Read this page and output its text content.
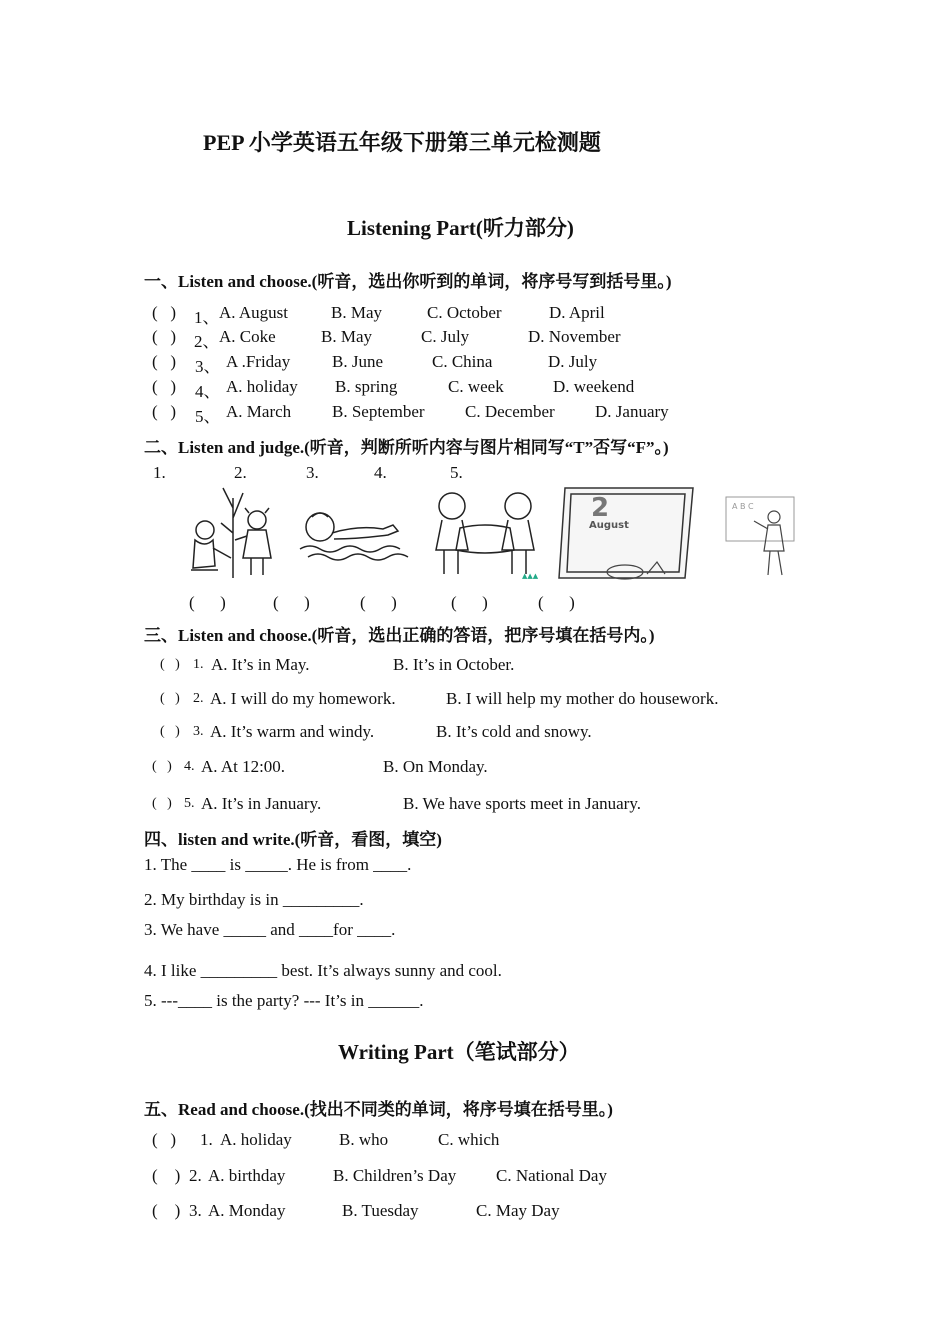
PEP 小学英语五年级下册第三单元检测题
Listening Part(听力部分)
一、Listen and choose.(听音，选出你听到的单词，将序号写到括号里。)
(   ) 1、 A. August	B. May	C. October	D. April
(   ) 2、 A. Coke	B. May	C. July	D. November
(   ) 3、 A .Friday B. June	C. China	D. July
(   ) 4、 A. holiday B. spring	C. week	D. weekend
(   ) 5、 A. March B. September C. December D. January
二、Listen and judge.(听音，判断所听内容与图片相同写“T”否写“F”。)
1.	2.	3.	4.	5.
▲▲▲
2
August
A B C
(      )	(      )	(      )	(      )	(      )
三、Listen and choose.(听音，选出正确的答语，把序号填在括号内。)
(   ) 1. A. It’s in May.	B. It’s in October.
(   ) 2. A. I will do my homework.	B. I will help my mother do housework.
(   ) 3. A. It’s warm and windy.	B. It’s cold and snowy.
(   ) 4. A. At 12:00.	B. On Monday.
(   ) 5. A. It’s in January.	B. We have sports meet in January.
四、listen and write.(听音，看图，填空)
1. The ____ is _____. He is from ____.
2. My birthday is in _________.
3. We have _____ and ____for ____.
4. I like _________ best. It’s always sunny and cool.
5. ---____ is the party? --- It’s in ______.
Writing Part（笔试部分）
五、Read and choose.(找出不同类的单词，将序号填在括号里。)
(   ) 1. A. holiday	B. who	C. which
(    ) 2. A. birthday	B. Children’s Day C. National Day
(    ) 3. A. Monday	B. Tuesday	C. May Day
